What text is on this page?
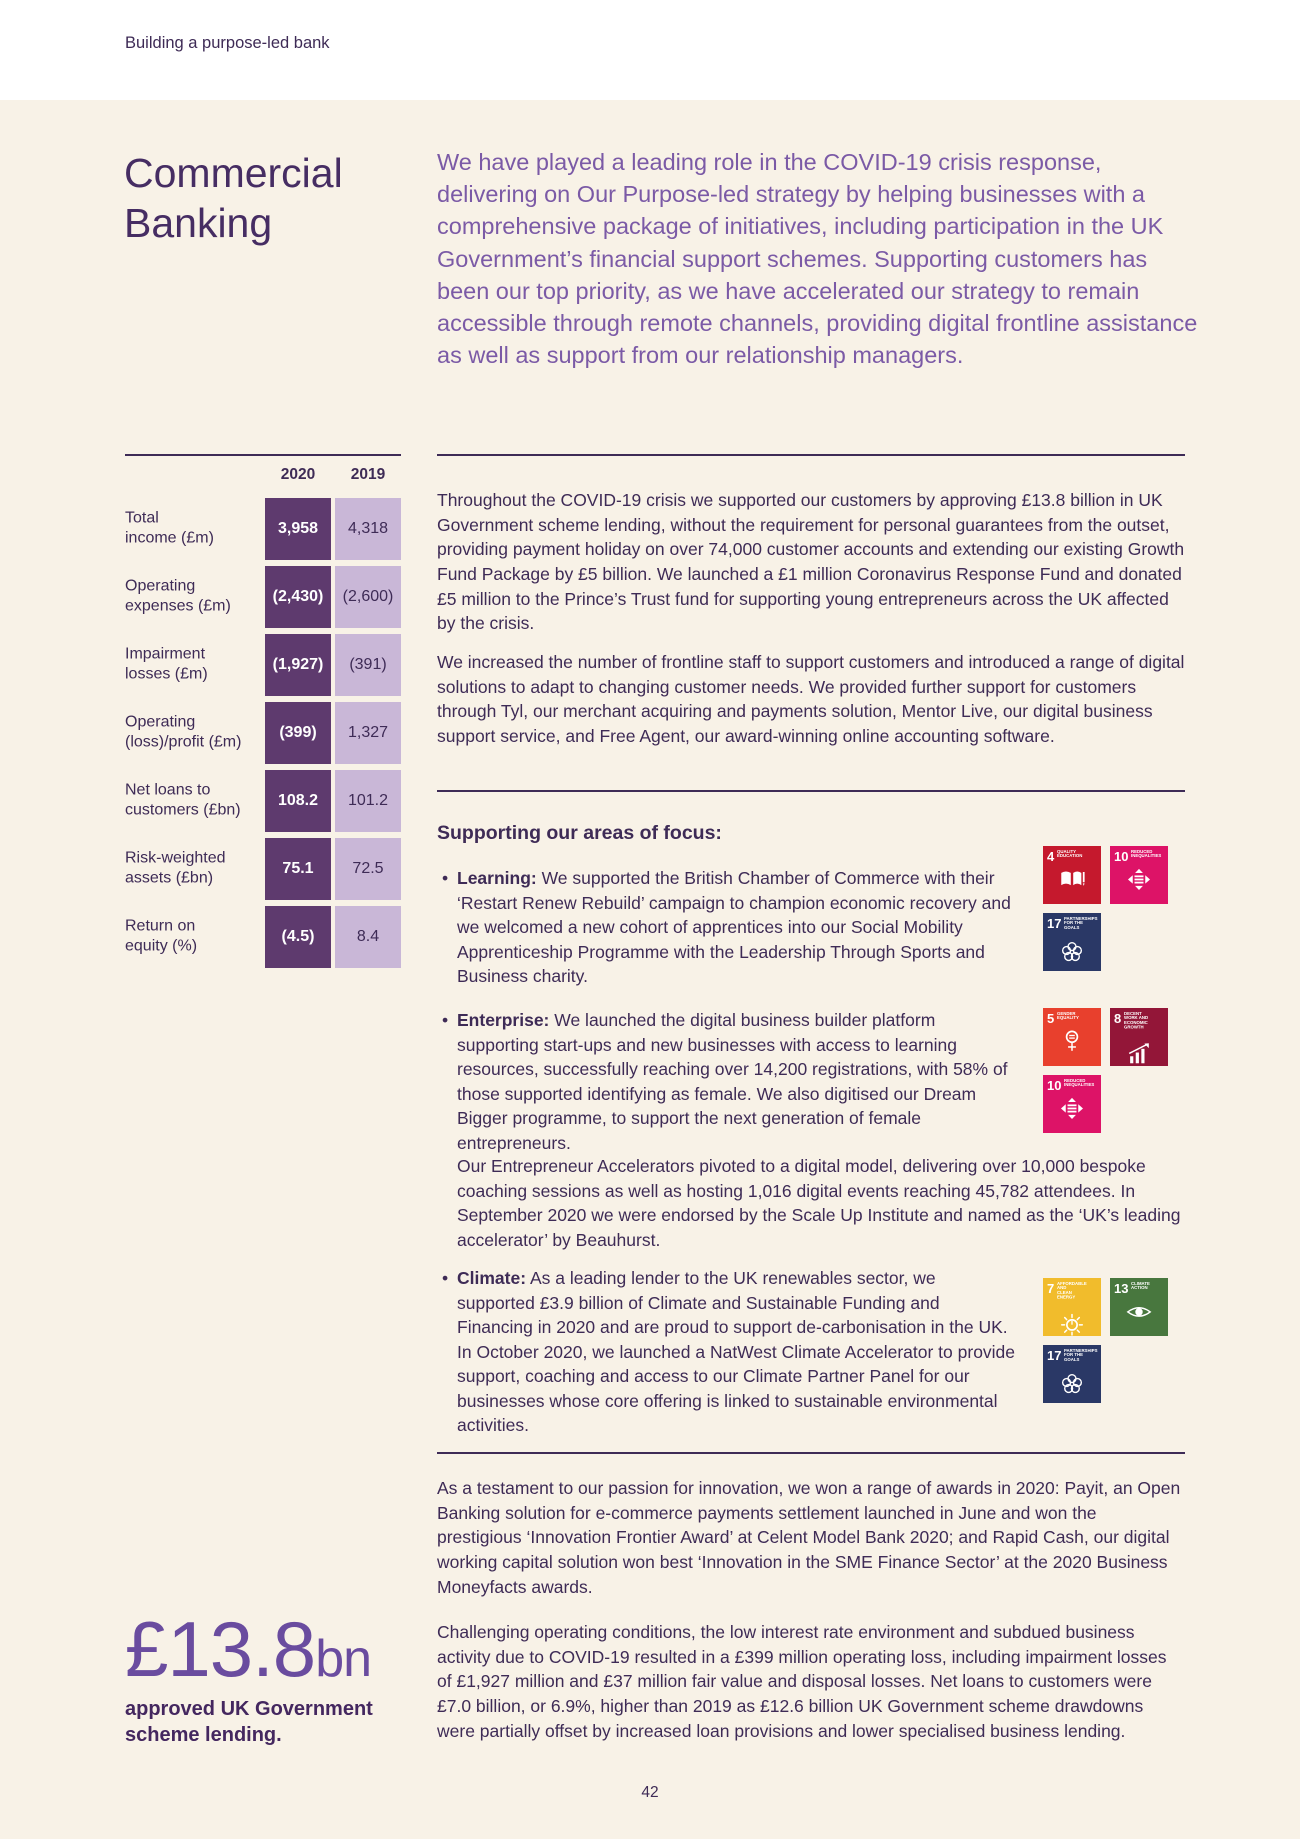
Building a purpose-led bank
Commercial
Banking
We have played a leading role in the COVID-19 crisis response, delivering on Our Purpose-led strategy by helping businesses with a comprehensive package of initiatives, including participation in the UK Government’s financial support schemes. Supporting customers has been our top priority, as we have accelerated our strategy to remain accessible through remote channels, providing digital frontline assistance as well as support from our relationship managers.
2020	2019
Total
income (£m)
3,958	4,318
Operating
expenses (£m)
(2,430)	(2,600)
Impairment
losses (£m)
(1,927)	(391)
Operating
(loss)/profit (£m)
(399)	1,327
Net loans to
customers (£bn)
108.2	101.2
Risk-weighted
assets (£bn)
75.1	72.5
Return on
equity (%)
(4.5)	8.4
Throughout the COVID-19 crisis we supported our customers by approving £13.8 billion in UK Government scheme lending, without the requirement for personal guarantees from the outset, providing payment holiday on over 74,000 customer accounts and extending our existing Growth Fund Package by £5 billion. We launched a £1 million Coronavirus Response Fund and donated £5 million to the Prince’s Trust fund for supporting young entrepreneurs across the UK affected by the crisis.
We increased the number of frontline staff to support customers and introduced a range of digital solutions to adapt to changing customer needs. We provided further support for customers through Tyl, our merchant acquiring and payments solution, Mentor Live, our digital business support service, and Free Agent, our award-winning online accounting software.
Supporting our areas of focus:
• Learning: We supported the British Chamber of Commerce with their ‘Restart Renew Rebuild’ campaign to champion economic recovery and we welcomed a new cohort of apprentices into our Social Mobility Apprenticeship Programme with the Leadership Through Sports and Business charity.
• Enterprise: We launched the digital business builder platform supporting start-ups and new businesses with access to learning resources, successfully reaching over 14,200 registrations, with 58% of those supported identifying as female. We also digitised our Dream Bigger programme, to support the next generation of female entrepreneurs.
Our Entrepreneur Accelerators pivoted to a digital model, delivering over 10,000 bespoke coaching sessions as well as hosting 1,016 digital events reaching 45,782 attendees. In September 2020 we were endorsed by the Scale Up Institute and named as the ‘UK’s leading accelerator’ by Beauhurst.
• Climate: As a leading lender to the UK renewables sector, we supported £3.9 billion of Climate and Sustainable Funding and Financing in 2020 and are proud to support de-carbonisation in the UK. In October 2020, we launched a NatWest Climate Accelerator to provide support, coaching and access to our Climate Partner Panel for our businesses whose core offering is linked to sustainable environmental activities.
4 QUALITY
EDUCATION 10 REDUCED
INEQUALITIES
17 PARTNERSHIPS
FOR THE GOALS
5 GENDER
EQUALITY	8 DECENT WORK AND
ECONOMIC GROWTH
10 REDUCED
INEQUALITIES
7 AFFORDABLE AND
CLEAN ENERGY
13 CLIMATE
ACTION
17 PARTNERSHIPS
FOR THE GOALS
As a testament to our passion for innovation, we won a range of awards in 2020: Payit, an Open Banking solution for e-commerce payments settlement launched in June and won the prestigious ‘Innovation Frontier Award’ at Celent Model Bank 2020; and Rapid Cash, our digital working capital solution won best ‘Innovation in the SME Finance Sector’ at the 2020 Business Moneyfacts awards.
Challenging operating conditions, the low interest rate environment and subdued business activity due to COVID-19 resulted in a £399 million operating loss, including impairment losses of £1,927 million and £37 million fair value and disposal losses. Net loans to customers were £7.0 billion, or 6.9%, higher than 2019 as £12.6 billion UK Government scheme drawdowns were partially offset by increased loan provisions and lower specialised business lending.
£13.8bn
approved UK Government scheme lending.
42
